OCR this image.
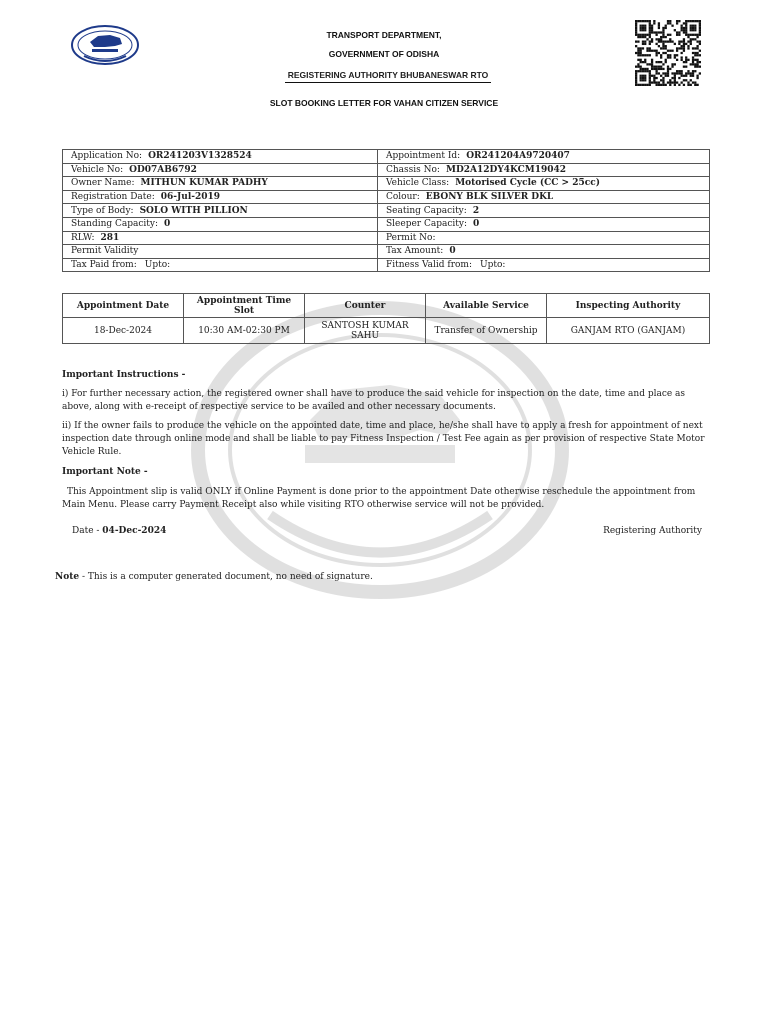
TRANSPORT DEPARTMENT,
GOVERNMENT OF ODISHA
REGISTERING AUTHORITY BHUBANESWAR RTO
SLOT BOOKING LETTER FOR VAHAN CITIZEN SERVICE
Application No: OR241203V1328524	Appointment Id: OR241204A9720407
Vehicle No: OD07AB6792	Chassis No: MD2A12DY4KCM19042
Owner Name: MITHUN KUMAR PADHY	Vehicle Class: Motorised Cycle (CC > 25cc)
Registration Date: 06-Jul-2019	Colour: EBONY BLK SILVER DKL
Type of Body: SOLO WITH PILLION	Seating Capacity: 2
Standing Capacity: 0	Sleeper Capacity: 0
RLW: 281	Permit No:
Permit Validity	Tax Amount: 0
Tax Paid from: Upto:	Fitness Valid from: Upto:
Appointment Date	Appointment Time Slot	Counter	Available Service	Inspecting Authority
18-Dec-2024	10:30 AM-02:30 PM	SANTOSH KUMAR SAHU	Transfer of Ownership	GANJAM RTO (GANJAM)
Important Instructions -
i) For further necessary action, the registered owner shall have to produce the said vehicle for inspection on the date, time and place as above, along with e-receipt of respective service to be availed and other necessary documents.
ii) If the owner fails to produce the vehicle on the appointed date, time and place, he/she shall have to apply a fresh for appointment of next inspection date through online mode and shall be liable to pay Fitness Inspection / Test Fee again as per provision of respective State Motor Vehicle Rule.
Important Note -
This Appointment slip is valid ONLY if Online Payment is done prior to the appointment Date otherwise reschedule the appointment from Main Menu. Please carry Payment Receipt also while visiting RTO otherwise service will not be provided.
Date - 04-Dec-2024	Registering Authority
Note - This is a computer generated document, no need of signature.
